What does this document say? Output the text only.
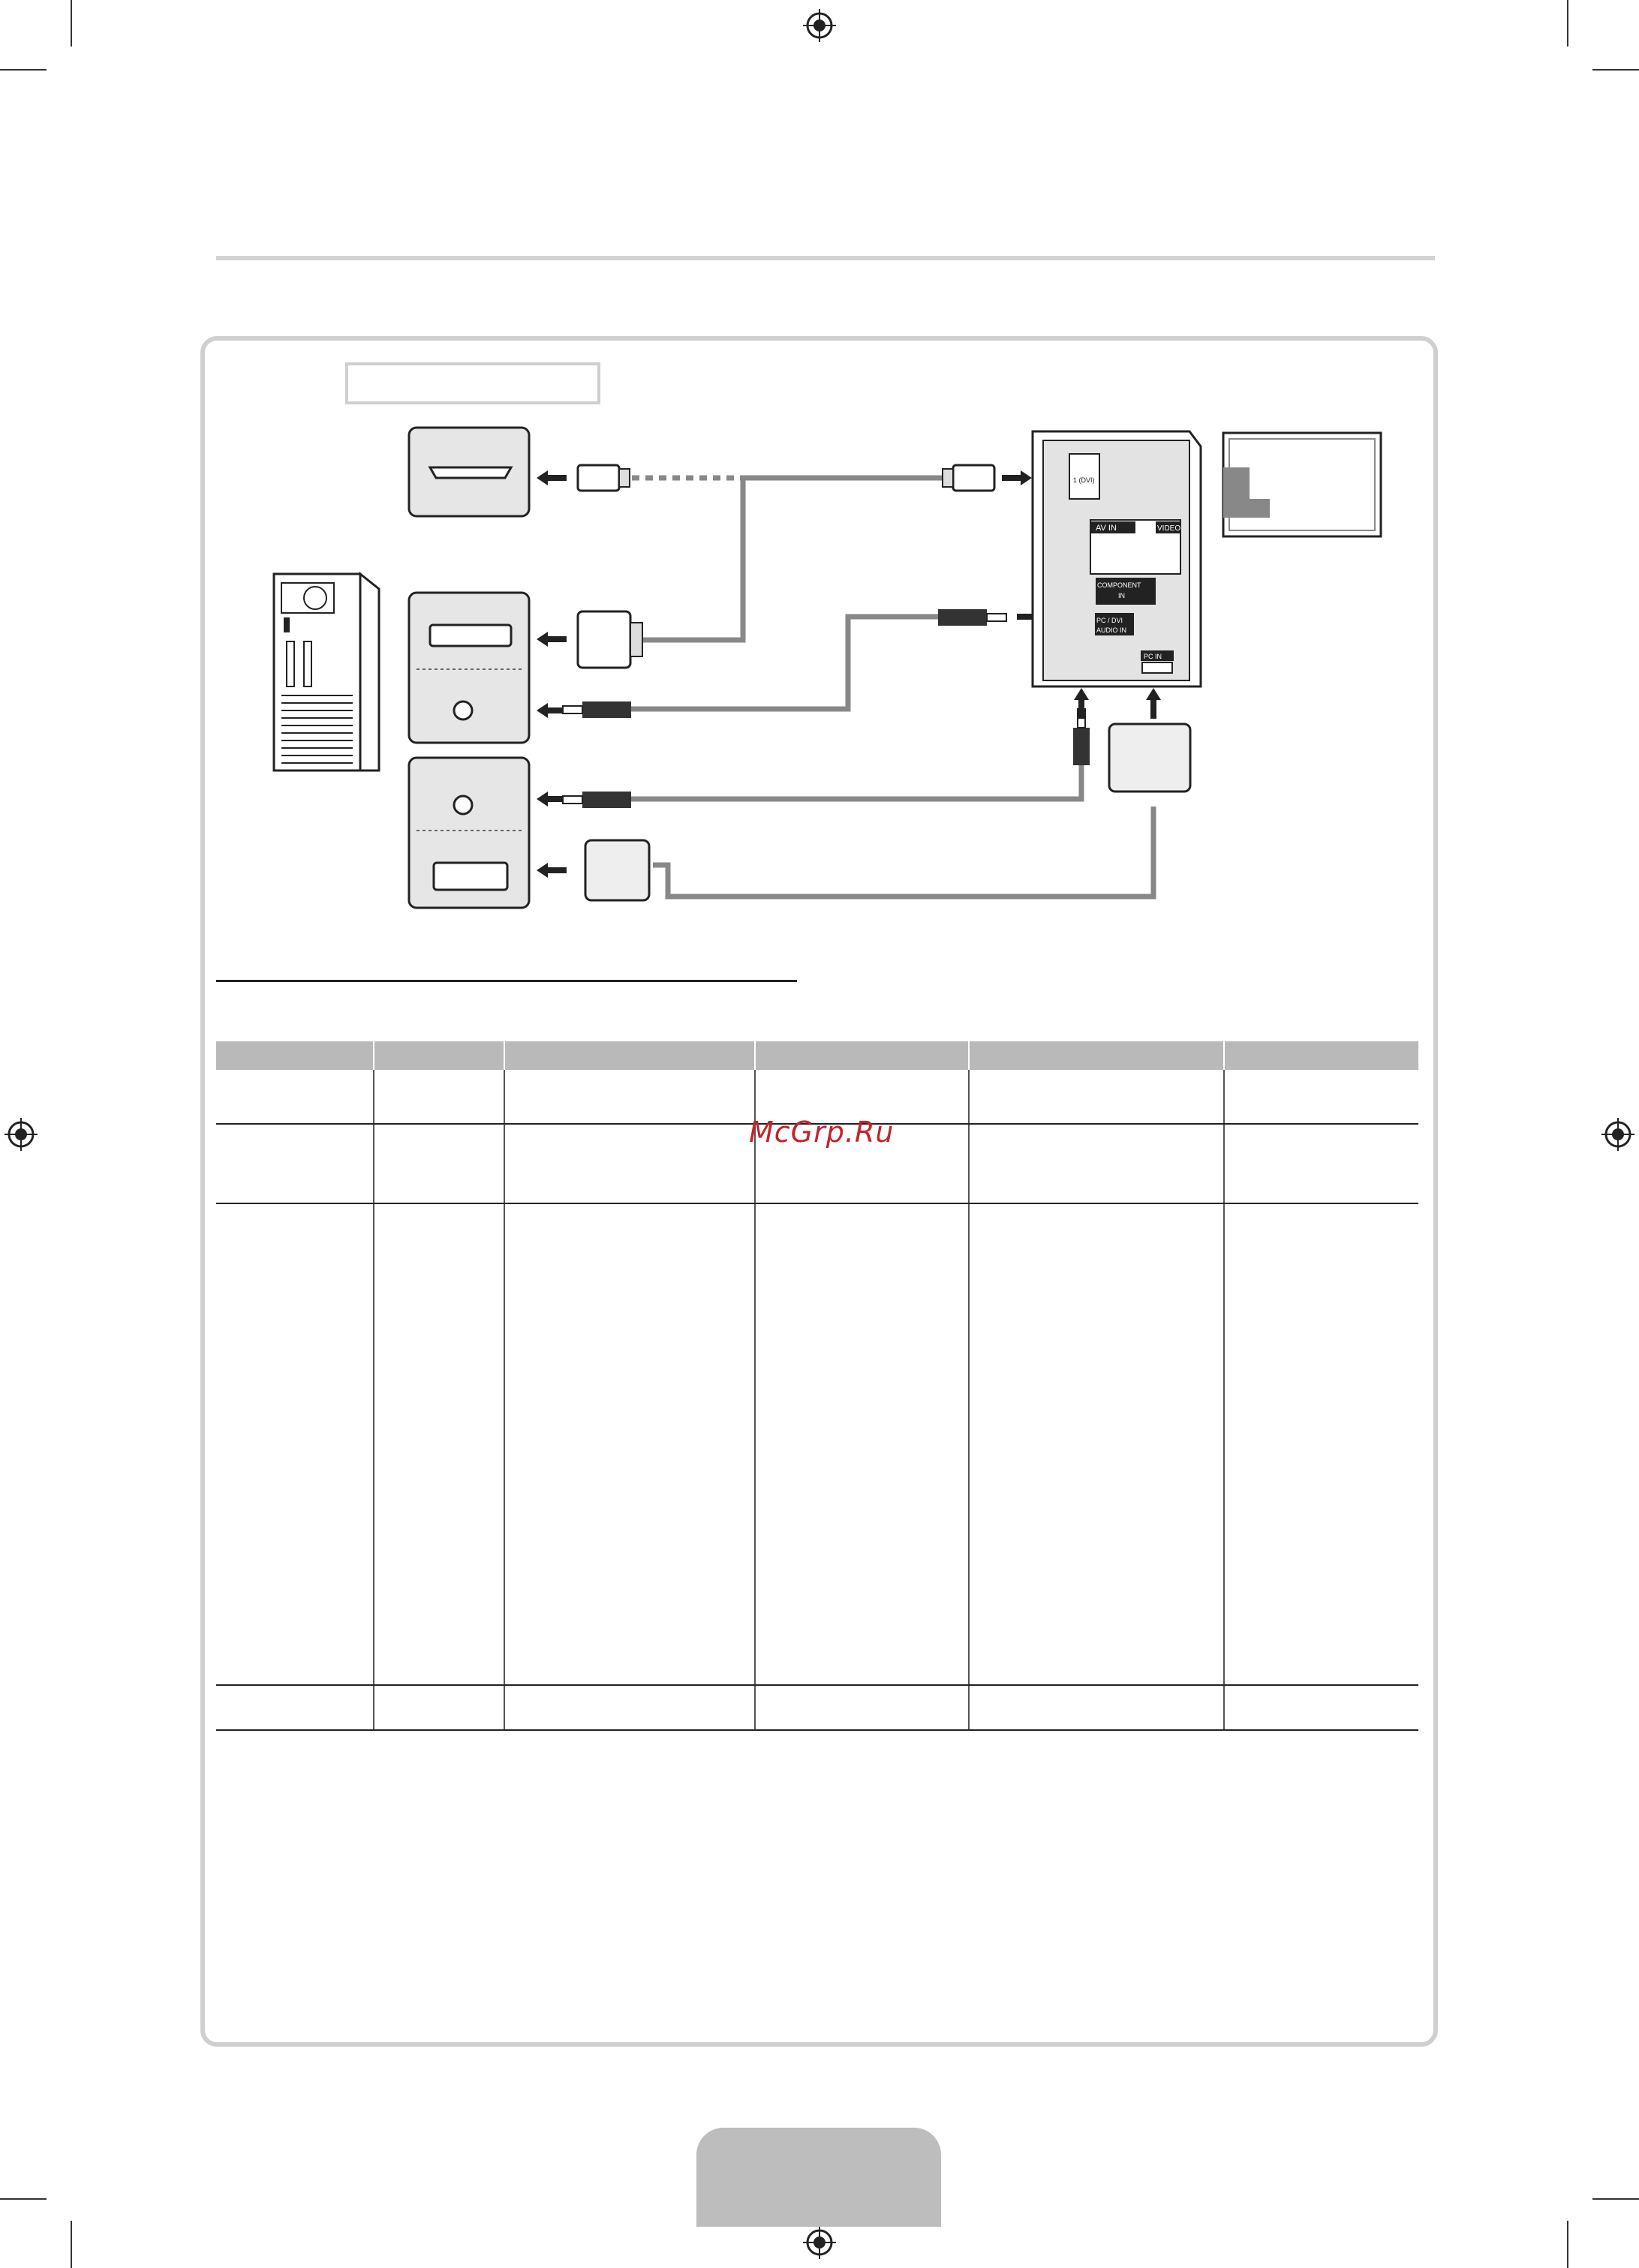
1 (DVI)
AV IN	VIDEO
COMPONENT
IN
PC / DVI
AUDIO IN
PC IN

McGrp.Ru
